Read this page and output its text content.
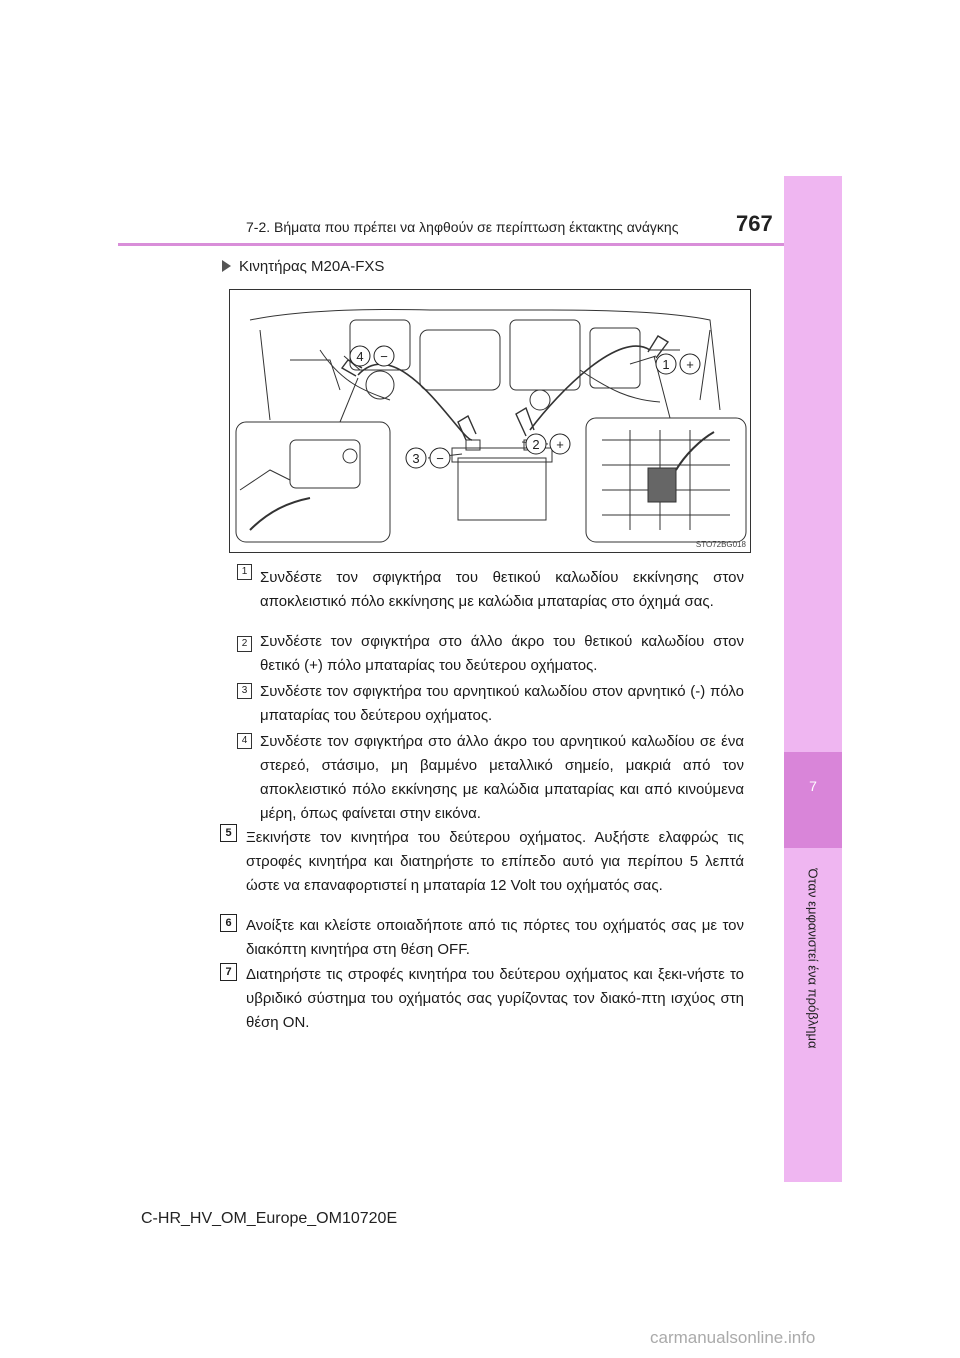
7
Όταν εμφανιστεί ένα πρόβλημα
7-2. Βήματα που πρέπει να ληφθούν σε περίπτωση έκτακτης ανάγκης	767
Κινητήρας M20A-FXS
1 +
2 +
3 −
4 −
STO72BG018
1 Συνδέστε τον σφιγκτήρα του θετικού καλωδίου εκκίνησης στον αποκλειστικό πόλο εκκίνησης με καλώδια μπαταρίας στο όχημά σας.
2 Συνδέστε τον σφιγκτήρα στο άλλο άκρο του θετικού καλωδίου στον θετικό (+) πόλο μπαταρίας του δεύτερου οχήματος.
3 Συνδέστε τον σφιγκτήρα του αρνητικού καλωδίου στον αρνητικό (-) πόλο μπαταρίας του δεύτερου οχήματος.
4 Συνδέστε τον σφιγκτήρα στο άλλο άκρο του αρνητικού καλωδίου σε ένα στερεό, στάσιμο, μη βαμμένο μεταλλικό σημείο, μακριά από τον αποκλειστικό πόλο εκκίνησης με καλώδια μπαταρίας και από κινούμενα μέρη, όπως φαίνεται στην εικόνα.
5 Ξεκινήστε τον κινητήρα του δεύτερου οχήματος. Αυξήστε ελαφρώς τις στροφές κινητήρα και διατηρήστε το επίπεδο αυτό για περίπου 5 λεπτά ώστε να επαναφορτιστεί η μπαταρία 12 Volt του οχήματός σας.
6 Ανοίξτε και κλείστε οποιαδήποτε από τις πόρτες του οχήματός σας με τον διακόπτη κινητήρα στη θέση OFF.
7 Διατηρήστε τις στροφές κινητήρα του δεύτερου οχήματος και ξεκι-νήστε το υβριδικό σύστημα του οχήματός σας γυρίζοντας τον διακό-πτη ισχύος στη θέση ON.
C-HR_HV_OM_Europe_OM10720E
carmanualsonline.info
